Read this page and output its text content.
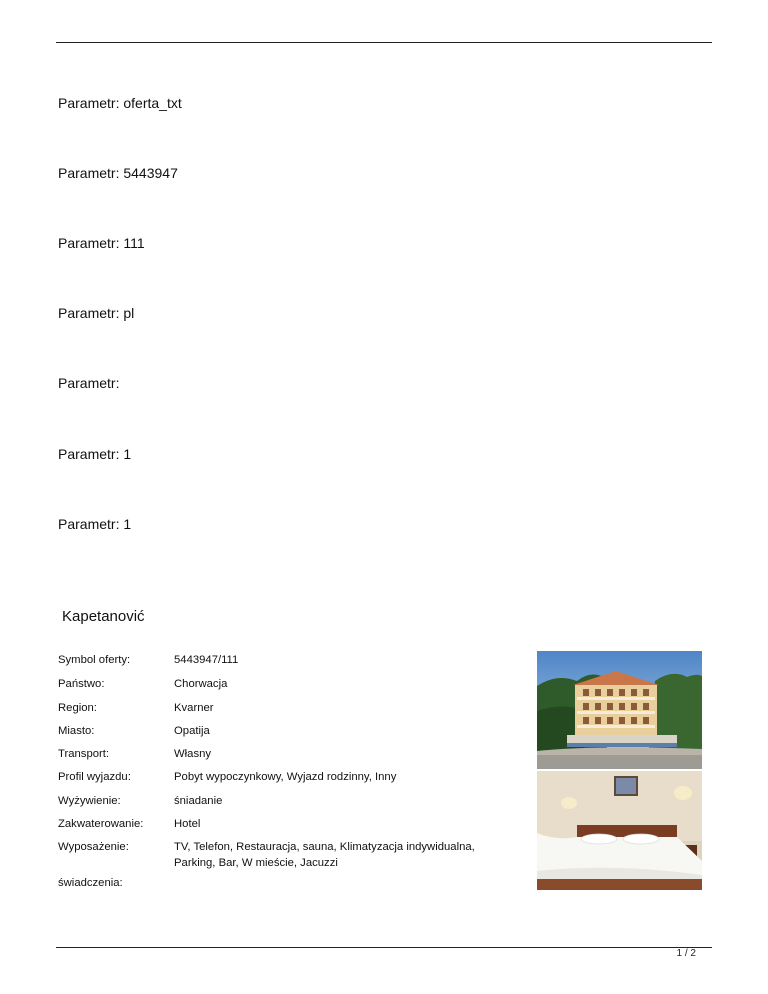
Parametr: oferta_txt
Parametr: 5443947
Parametr: 111
Parametr: pl
Parametr:
Parametr: 1
Parametr: 1
Kapetanović
Symbol oferty:	5443947/111
Państwo:	Chorwacja
Region:	Kvarner
Miasto:	Opatija
Transport:	Własny
Profil wyjazdu:	Pobyt wypoczynkowy, Wyjazd rodzinny, Inny
Wyżywienie:	śniadanie
Zakwaterowanie:	Hotel
Wyposażenie:	TV, Telefon, Restauracja, sauna, Klimatyzacja indywidualna, Parking, Bar, W mieście, Jacuzzi
świadczenia:
1 / 2
